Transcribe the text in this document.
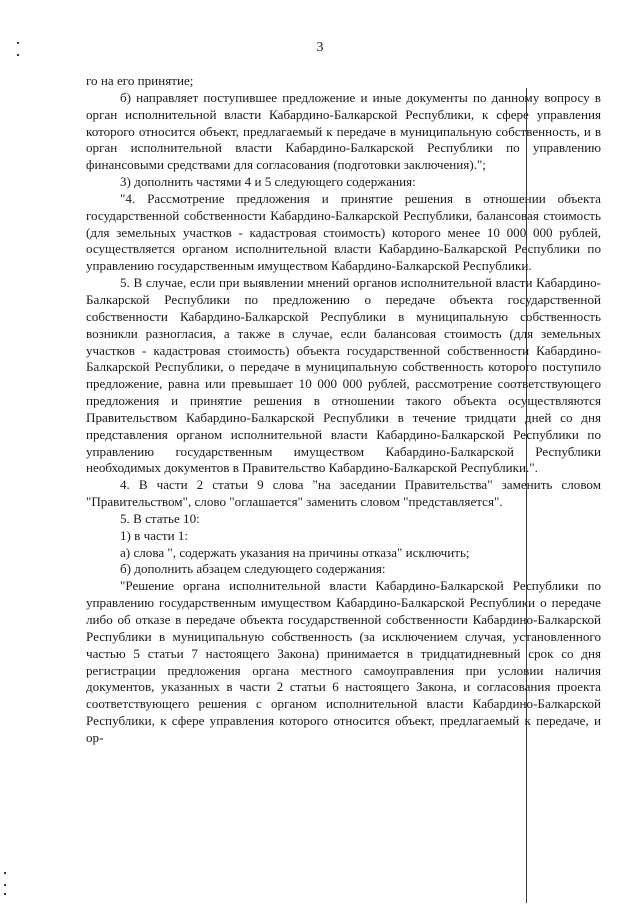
3

го на его принятие;

б) направляет поступившее предложение и иные документы по данному вопросу в орган исполнительной власти Кабардино-Балкарской Республики, к сфере управления которого относится объект, предлагаемый к передаче в муниципальную собственность, и в орган исполнительной власти Кабардино-Балкарской Республики по управлению финансовыми средствами для согласования (подготовки заключения).";

3) дополнить частями 4 и 5 следующего содержания:

"4. Рассмотрение предложения и принятие решения в отношении объекта государственной собственности Кабардино-Балкарской Республики, балансовая стоимость (для земельных участков - кадастровая стоимость) которого менее 10 000 000 рублей, осуществляется органом исполнительной власти Кабардино-Балкарской Республики по управлению государственным имуществом Кабардино-Балкарской Республики.

5. В случае, если при выявлении мнений органов исполнительной власти Кабардино-Балкарской Республики по предложению о передаче объекта государственной собственности Кабардино-Балкарской Республики в муниципальную собственность возникли разногласия, а также в случае, если балансовая стоимость (для земельных участков - кадастровая стоимость) объекта государственной собственности Кабардино-Балкарской Республики, о передаче в муниципальную собственность которого поступило предложение, равна или превышает 10 000 000 рублей, рассмотрение соответствующего предложения и принятие решения в отношении такого объекта осуществляются Правительством Кабардино-Балкарской Республики в течение тридцати дней со дня представления органом исполнительной власти Кабардино-Балкарской Республики по управлению государственным имуществом Кабардино-Балкарской Республики необходимых документов в Правительство Кабардино-Балкарской Республики.".

4. В части 2 статьи 9 слова "на заседании Правительства" заменить словом "Правительством", слово "оглашается" заменить словом "представляется".

5. В статье 10:

1) в части 1:

а) слова ", содержать указания на причины отказа" исключить;

б) дополнить абзацем следующего содержания:

"Решение органа исполнительной власти Кабардино-Балкарской Республики по управлению государственным имуществом Кабардино-Балкарской Республики о передаче либо об отказе в передаче объекта государственной собственности Кабардино-Балкарской Республики в муниципальную собственность (за исключением случая, установленного частью 5 статьи 7 настоящего Закона) принимается в тридцатидневный срок со дня регистрации предложения органа местного самоуправления при условии наличия документов, указанных в части 2 статьи 6 настоящего Закона, и согласования проекта соответствующего решения с органом исполнительной власти Кабардино-Балкарской Республики, к сфере управления которого относится объект, предлагаемый к передаче, и ор-
